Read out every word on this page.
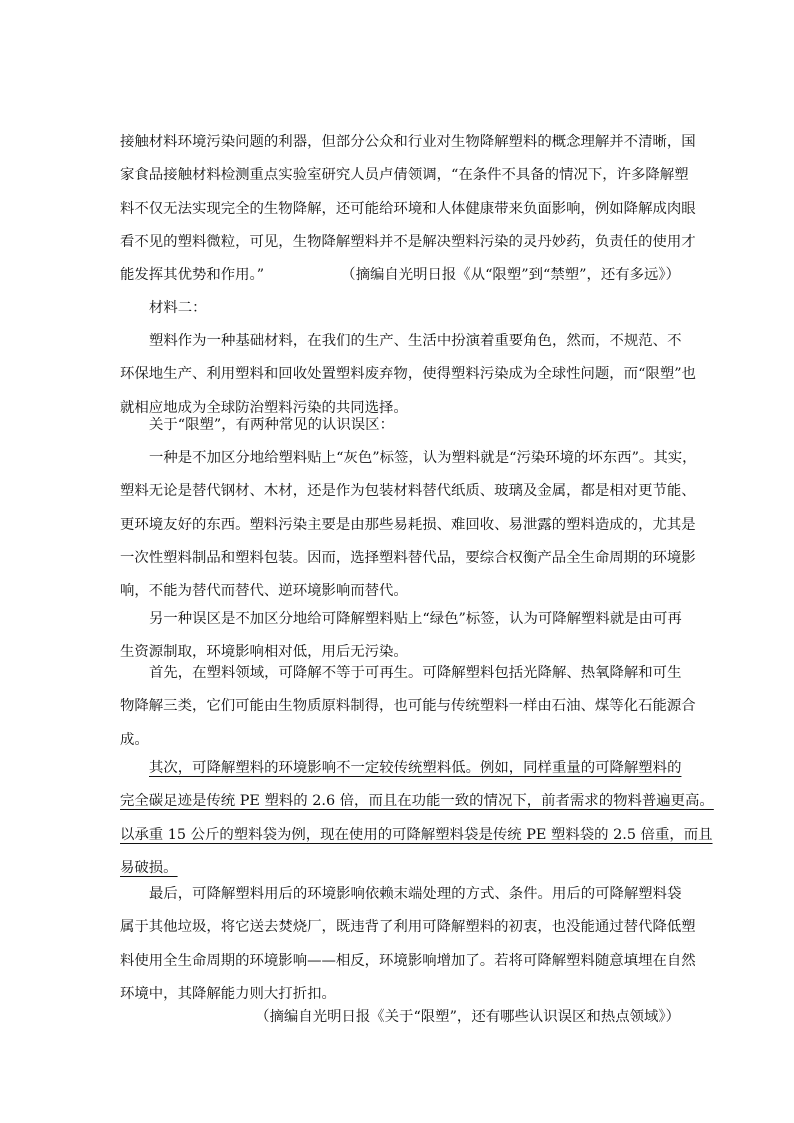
接触材料环境污染问题的利器，但部分公众和行业对生物降解塑料的概念理解并不清晰，国
家食品接触材料检测重点实验室研究人员卢倩领调，“在条件不具备的情况下，许多降解塑
料不仅无法实现完全的生物降解，还可能给环境和人体健康带来负面影响，例如降解成肉眼
看不见的塑料微粒，可见，生物降解塑料并不是解决塑料污染的灵丹妙药，负责任的使用才
能发挥其优势和作用。”	（摘编自光明日报《从“限塑”到“禁塑”，还有多远》）
材料二：
塑料作为一种基础材料，在我们的生产、生活中扮演着重要角色，然而，不规范、不
环保地生产、利用塑料和回收处置塑料废弃物，使得塑料污染成为全球性问题，而“限塑”也
就相应地成为全球防治塑料污染的共同选择。
关于“限塑”，有两种常见的认识误区：
一种是不加区分地给塑料贴上“灰色”标签，认为塑料就是“污染环境的坏东西”。其实，
塑料无论是替代钢材、木材，还是作为包装材料替代纸质、玻璃及金属，都是相对更节能、
更环境友好的东西。塑料污染主要是由那些易耗损、难回收、易泄露的塑料造成的，尤其是
一次性塑料制品和塑料包装。因而，选择塑料替代品，要综合权衡产品全生命周期的环境影
响，不能为替代而替代、逆环境影响而替代。
另一种误区是不加区分地给可降解塑料贴上“绿色”标签，认为可降解塑料就是由可再
生资源制取，环境影响相对低，用后无污染。
首先，在塑料领域，可降解不等于可再生。可降解塑料包括光降解、热氧降解和可生
物降解三类，它们可能由生物质原料制得，也可能与传统塑料一样由石油、煤等化石能源合
成。
其次，可降解塑料的环境影响不一定较传统塑料低。例如，同样重量的可降解塑料的
完全碳足迹是传统 PE 塑料的 2.6 倍，而且在功能一致的情况下，前者需求的物料普遍更高。
以承重 15 公斤的塑料袋为例，现在使用的可降解塑料袋是传统 PE 塑料袋的 2.5 倍重，而且
易破损。
最后，可降解塑料用后的环境影响依赖末端处理的方式、条件。用后的可降解塑料袋
属于其他垃圾，将它送去焚烧厂，既违背了利用可降解塑料的初衷，也没能通过替代降低塑
料使用全生命周期的环境影响——相反，环境影响增加了。若将可降解塑料随意填埋在自然
环境中，其降解能力则大打折扣。
（摘编自光明日报《关于“限塑”，还有哪些认识误区和热点领域》）
